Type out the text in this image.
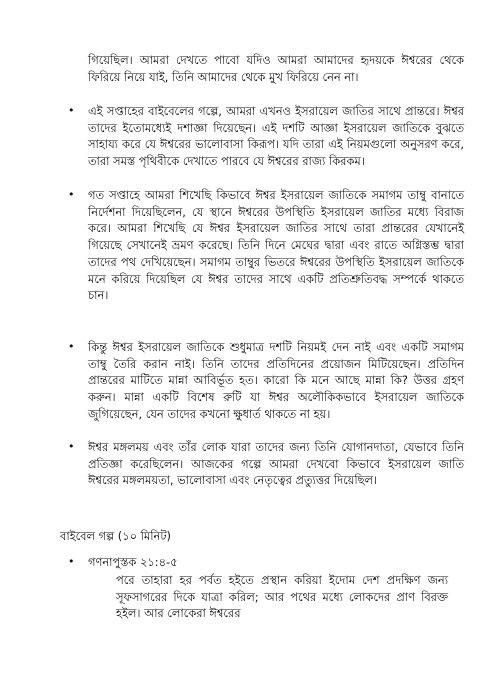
গিয়েছিল। আমরা দেখতে পাবো যদিও আমরা আমাদের হৃদয়কে ঈশ্বরের থেকে ফিরিয়ে নিয়ে যাই, তিনি আমাদের থেকে মুখ ফিরিয়ে নেন না।
• এই সপ্তাহের বাইবেলের গল্পে, আমরা এখনও ইসরায়েল জাতির সাথে প্রান্তরে। ঈশ্বর তাদের ইতোমধ্যেই দশাজ্ঞা দিয়েছেন। এই দশটি আজ্ঞা ইসরায়েল জাতিকে বুঝতে সাহায্য করে যে ঈশ্বরের ভালোবাসা কিরূপ। যদি তারা এই নিয়মগুলো অনুসরণ করে, তারা সমস্ত পৃথিবীকে দেখাতে পারবে যে ঈশ্বরের রাজ্য কিরকম।
• গত সপ্তাহে আমরা শিখেছি কিভাবে ঈশ্বর ইসরায়েল জাতিকে সমাগম তাম্বু বানাতে নির্দেশনা দিয়েছিলেন, যে স্থানে ঈশ্বরের উপস্থিতি ইসরায়েল জাতির মধ্যে বিরাজ করে। আমরা শিখেছি যে ঈশ্বর ইসরায়েল জাতির সাথে তারা প্রান্তরের যেখানেই গিয়েছে সেখানেই ভ্রমণ করেছে। তিনি দিনে মেঘের দ্বারা এবং রাতে অগ্নিস্তম্ভ দ্বারা তাদের পথ দেখিয়েছেন। সমাগম তাম্বুর ভিতরে ঈশ্বরের উপস্থিতি ইসরায়েল জাতিকে মনে করিয়ে দিয়েছিল যে ঈশ্বর তাদের সাথে একটি প্রতিশ্রুতিবদ্ধ সম্পর্কে থাকতে চান।
• কিন্তু ঈশ্বর ইসরায়েল জাতিকে শুধুমাত্র দশটি নিয়মই দেন নাই এবং একটি সমাগম তাম্বু তৈরি করান নাই। তিনি তাদের প্রতিদিনের প্রয়োজন মিটিয়েছেন। প্রতিদিন প্রান্তরের মাটিতে মান্না আবির্ভূত হত। কারো কি মনে আছে মান্না কি? উত্তর গ্রহণ করুন। মান্না একটি বিশেষ রুটি যা ঈশ্বর অলৌকিকভাবে ইসরায়েল জাতিকে জুগিয়েছেন, যেন তাদের কখনো ক্ষুধার্ত থাকতে না হয়।
• ঈশ্বর মঙ্গলময় এবং তাঁর লোক যারা তাদের জন্য তিনি যোগানদাতা, যেভাবে তিনি প্রতিজ্ঞা করেছিলেন। আজকের গল্পে আমরা দেখবো কিভাবে ইসরায়েল জাতি ঈশ্বরের মঙ্গলময়তা, ভালোবাসা এবং নেতৃত্বের প্রত্যুত্তর দিয়েছিল।
বাইবেল গল্প (১০ মিনিট)
• গণনাপুস্তক ২১:৪-৫
পরে তাহারা হর পর্বত হইতে প্রস্থান করিয়া ইদোম দেশ প্রদক্ষিণ জন্য সূফসাগরের দিকে যাত্রা করিল; আর পথের মধ্যে লোকদের প্রাণ বিরক্ত হইল। আর লোকেরা ঈশ্বরের
